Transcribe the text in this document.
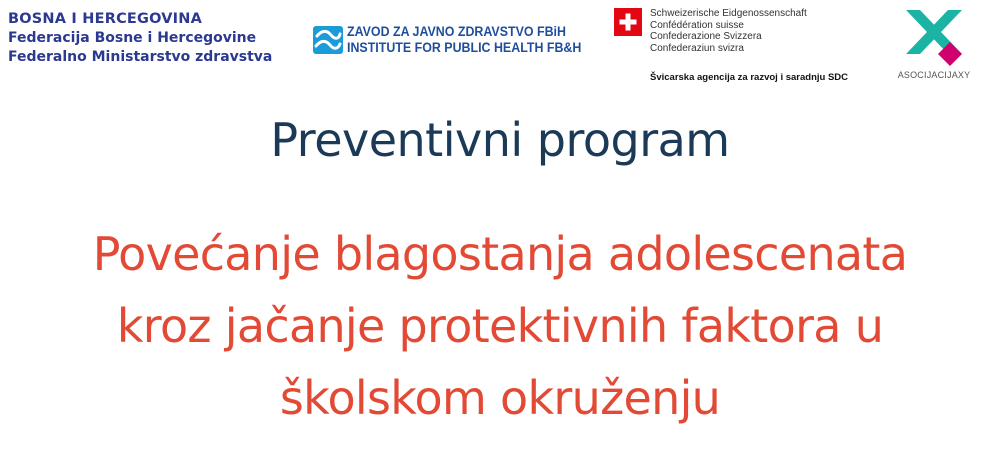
BOSNA I HERCEGOVINA
Federacija Bosne i Hercegovine
Federalno Ministarstvo zdravstva
ZAVOD ZA JAVNO ZDRAVSTVO FBiH
INSTITUTE FOR PUBLIC HEALTH FB&H
Schweizerische Eidgenossenschaft
Confédération suisse
Confederazione Svizzera
Confederaziun svizra
Švicarska agencija za razvoj i saradnju SDC	ASOCIJACIJAXY
Preventivni program
Povećanje blagostanja adolescenata
kroz jačanje protektivnih faktora u
školskom okruženju
